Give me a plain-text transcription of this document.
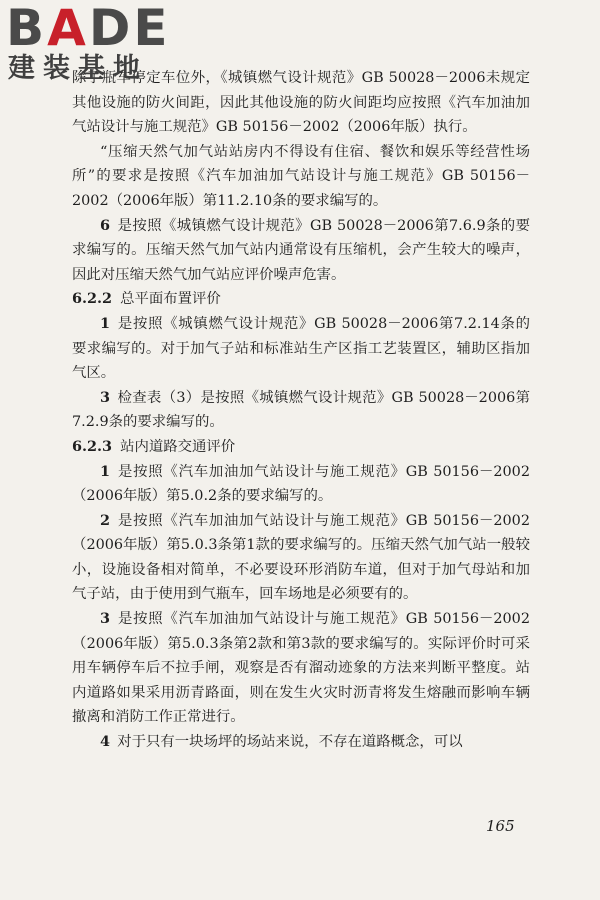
BADE
建装基地

除了瓶车停定车位外，《城镇燃气设计规范》GB 50028－2006未规定其他设施的防火间距，因此其他设施的防火间距均应按照《汽车加油加气站设计与施工规范》GB 50156－2002（2006年版）执行。

“压缩天然气加气站站房内不得设有住宿、餐饮和娱乐等经营性场所”的要求是按照《汽车加油加气站设计与施工规范》GB 50156－2002（2006年版）第11.2.10条的要求编写的。

6  是按照《城镇燃气设计规范》GB 50028－2006第7.6.9条的要求编写的。压缩天然气加气站内通常设有压缩机，会产生较大的噪声，因此对压缩天然气加气站应评价噪声危害。

6.2.2 总平面布置评价

1  是按照《城镇燃气设计规范》GB 50028－2006第7.2.14条的要求编写的。对于加气子站和标准站生产区指工艺装置区，辅助区指加气区。

3  检查表（3）是按照《城镇燃气设计规范》GB 50028－2006第7.2.9条的要求编写的。

6.2.3 站内道路交通评价

1  是按照《汽车加油加气站设计与施工规范》GB 50156－2002（2006年版）第5.0.2条的要求编写的。

2  是按照《汽车加油加气站设计与施工规范》GB 50156－2002（2006年版）第5.0.3条第1款的要求编写的。压缩天然气加气站一般较小，设施设备相对简单，不必要设环形消防车道，但对于加气母站和加气子站，由于使用到气瓶车，回车场地是必须要有的。

3  是按照《汽车加油加气站设计与施工规范》GB 50156－2002（2006年版）第5.0.3条第2款和第3款的要求编写的。实际评价时可采用车辆停车后不拉手闸，观察是否有溜动迹象的方法来判断平整度。站内道路如果采用沥青路面，则在发生火灾时沥青将发生熔融而影响车辆撤离和消防工作正常进行。

4  对于只有一块场坪的场站来说，不存在道路概念，可以

165
